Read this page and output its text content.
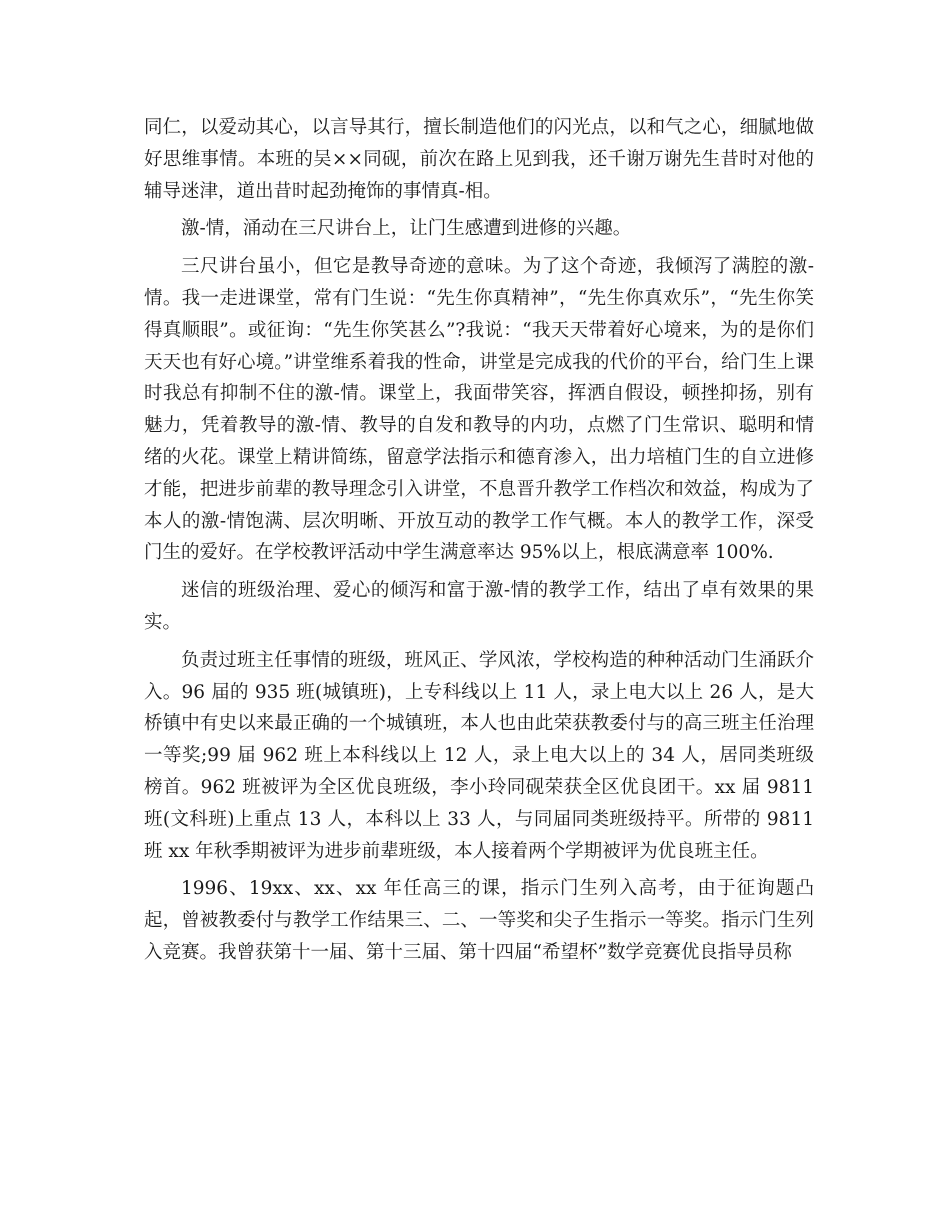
同仁，以爱动其心，以言导其行，擅长制造他们的闪光点，以和气之心，细腻地做好思维事情。本班的吴××同砚，前次在路上见到我，还千谢万谢先生昔时对他的辅导迷津，道出昔时起劲掩饰的事情真-相。

激-情，涌动在三尺讲台上，让门生感遭到进修的兴趣。

三尺讲台虽小，但它是教导奇迹的意味。为了这个奇迹，我倾泻了满腔的激-情。我一走进课堂，常有门生说：“先生你真精神”，“先生你真欢乐”，“先生你笑得真顺眼”。或征询：“先生你笑甚么”?我说：“我天天带着好心境来，为的是你们天天也有好心境。”讲堂维系着我的性命，讲堂是完成我的代价的平台，给门生上课时我总有抑制不住的激-情。课堂上，我面带笑容，挥洒自假设，顿挫抑扬，别有魅力，凭着教导的激-情、教导的自发和教导的内功，点燃了门生常识、聪明和情绪的火花。课堂上精讲简练，留意学法指示和德育渗入，出力培植门生的自立进修才能，把进步前辈的教导理念引入讲堂，不息晋升教学工作档次和效益，构成为了本人的激-情饱满、层次明晰、开放互动的教学工作气概。本人的教学工作，深受门生的爱好。在学校教评活动中学生满意率达 95%以上，根底满意率 100%.

迷信的班级治理、爱心的倾泻和富于激-情的教学工作，结出了卓有效果的果实。

负责过班主任事情的班级，班风正、学风浓，学校构造的种种活动门生涌跃介入。96 届的 935 班(城镇班)，上专科线以上 11 人，录上电大以上 26 人，是大桥镇中有史以来最正确的一个城镇班，本人也由此荣获教委付与的高三班主任治理一等奖;99 届 962 班上本科线以上 12 人，录上电大以上的 34 人，居同类班级榜首。962 班被评为全区优良班级，李小玲同砚荣获全区优良团干。xx 届 9811 班(文科班)上重点 13 人，本科以上 33 人，与同届同类班级持平。所带的 9811 班 xx 年秋季期被评为进步前辈班级，本人接着两个学期被评为优良班主任。

1996、19xx、xx、xx 年任高三的课，指示门生列入高考，由于征询题凸起，曾被教委付与教学工作结果三、二、一等奖和尖子生指示一等奖。指示门生列入竞赛。我曾获第十一届、第十三届、第十四届“希望杯”数学竞赛优良指导员称
